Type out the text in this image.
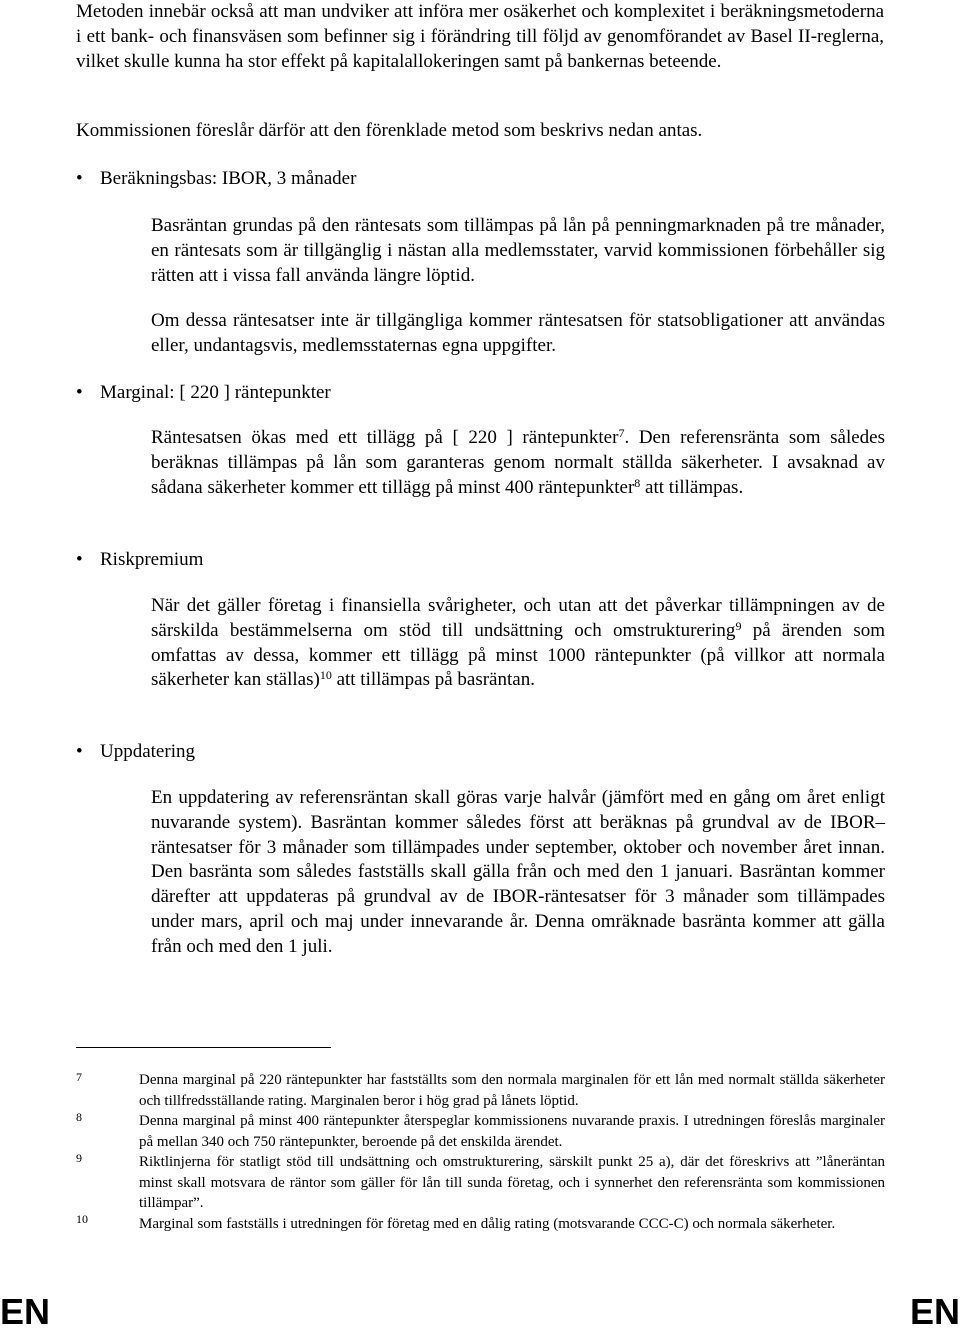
Metoden innebär också att man undviker att införa mer osäkerhet och komplexitet i beräkningsmetoderna i ett bank- och finansväsen som befinner sig i förändring till följd av genomförandet av Basel II-reglerna, vilket skulle kunna ha stor effekt på kapitalallokeringen samt på bankernas beteende.

Kommissionen föreslår därför att den förenklade metod som beskrivs nedan antas.

• Beräkningsbas: IBOR, 3 månader

Basräntan grundas på den räntesats som tillämpas på lån på penningmarknaden på tre månader, en räntesats som är tillgänglig i nästan alla medlemsstater, varvid kommissionen förbehåller sig rätten att i vissa fall använda längre löptid.

Om dessa räntesatser inte är tillgängliga kommer räntesatsen för statsobligationer att användas eller, undantagsvis, medlemsstaternas egna uppgifter.

• Marginal: [ 220 ] räntepunkter

Räntesatsen ökas med ett tillägg på [ 220 ] räntepunkter$^7$. Den referensränta som således beräknas tillämpas på lån som garanteras genom normalt ställda säkerheter. I avsaknad av sådana säkerheter kommer ett tillägg på minst 400 räntepunkter$^8$ att tillämpas.

• Riskpremium

När det gäller företag i finansiella svårigheter, och utan att det påverkar tillämpningen av de särskilda bestämmelserna om stöd till undsättning och omstrukturering$^9$ på ärenden som omfattas av dessa, kommer ett tillägg på minst 1000 räntepunkter (på villkor att normala säkerheter kan ställas)$^{10}$ att tillämpas på basräntan.

• Uppdatering

En uppdatering av referensräntan skall göras varje halvår (jämfört med en gång om året enligt nuvarande system). Basräntan kommer således först att beräknas på grundval av de IBOR–räntesatser för 3 månader som tillämpades under september, oktober och november året innan. Den basränta som således fastställs skall gälla från och med den 1 januari. Basräntan kommer därefter att uppdateras på grundval av de IBOR-räntesatser för 3 månader som tillämpades under mars, april och maj under innevarande år. Denna omräknade basränta kommer att gälla från och med den 1 juli.

7	Denna marginal på 220 räntepunkter har fastställts som den normala marginalen för ett lån med normalt ställda säkerheter och tillfredsställande rating. Marginalen beror i hög grad på lånets löptid.

8	Denna marginal på minst 400 räntepunkter återspeglar kommissionens nuvarande praxis. I utredningen föreslås marginaler på mellan 340 och 750 räntepunkter, beroende på det enskilda ärendet.

9	Riktlinjerna för statligt stöd till undsättning och omstrukturering, särskilt punkt 25 a), där det föreskrivs att ”låneräntan minst skall motsvara de räntor som gäller för lån till sunda företag, och i synnerhet den referensränta som kommissionen tillämpar”.

10	Marginal som fastställs i utredningen för företag med en dålig rating (motsvarande CCC-C) och normala säkerheter.

EN	EN
